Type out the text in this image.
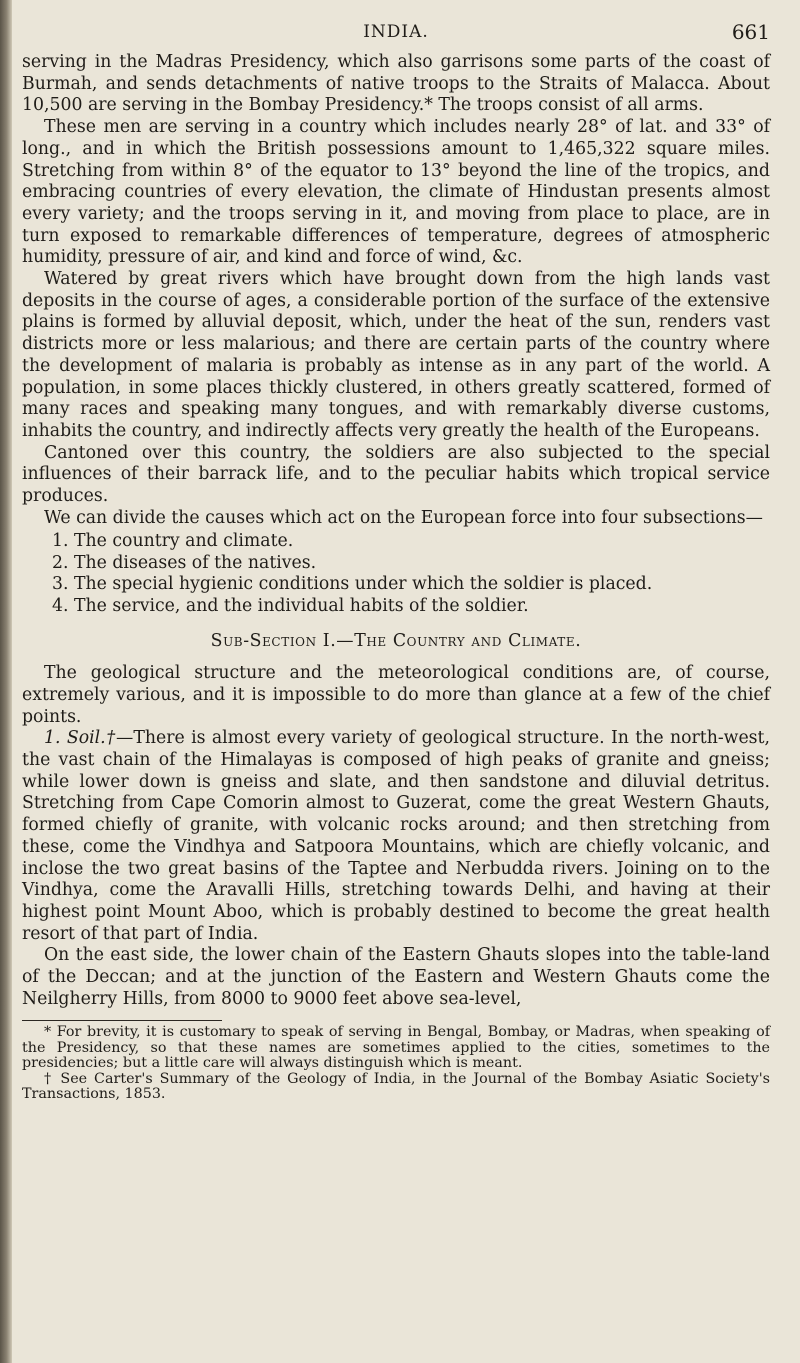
INDIA.	661

serving in the Madras Presidency, which also garrisons some parts of the coast of Burmah, and sends detachments of native troops to the Straits of Malacca. About 10,500 are serving in the Bombay Presidency.* The troops consist of all arms.

These men are serving in a country which includes nearly 28° of lat. and 33° of long., and in which the British possessions amount to 1,465,322 square miles. Stretching from within 8° of the equator to 13° beyond the line of the tropics, and embracing countries of every elevation, the climate of Hindustan presents almost every variety; and the troops serving in it, and moving from place to place, are in turn exposed to remarkable differences of temperature, degrees of atmospheric humidity, pressure of air, and kind and force of wind, &c.

Watered by great rivers which have brought down from the high lands vast deposits in the course of ages, a considerable portion of the surface of the extensive plains is formed by alluvial deposit, which, under the heat of the sun, renders vast districts more or less malarious; and there are certain parts of the country where the development of malaria is probably as intense as in any part of the world. A population, in some places thickly clustered, in others greatly scattered, formed of many races and speaking many tongues, and with remarkably diverse customs, inhabits the country, and indirectly affects very greatly the health of the Europeans.

Cantoned over this country, the soldiers are also subjected to the special influences of their barrack life, and to the peculiar habits which tropical service produces.

We can divide the causes which act on the European force into four subsections—

1. The country and climate.
2. The diseases of the natives.
3. The special hygienic conditions under which the soldier is placed.
4. The service, and the individual habits of the soldier.
Sub-Section I.—The Country and Climate.

The geological structure and the meteorological conditions are, of course, extremely various, and it is impossible to do more than glance at a few of the chief points.

1. Soil.†—There is almost every variety of geological structure. In the north-west, the vast chain of the Himalayas is composed of high peaks of granite and gneiss; while lower down is gneiss and slate, and then sandstone and diluvial detritus. Stretching from Cape Comorin almost to Guzerat, come the great Western Ghauts, formed chiefly of granite, with volcanic rocks around; and then stretching from these, come the Vindhya and Satpoora Mountains, which are chiefly volcanic, and inclose the two great basins of the Taptee and Nerbudda rivers. Joining on to the Vindhya, come the Aravalli Hills, stretching towards Delhi, and having at their highest point Mount Aboo, which is probably destined to become the great health resort of that part of India.

On the east side, the lower chain of the Eastern Ghauts slopes into the table-land of the Deccan; and at the junction of the Eastern and Western Ghauts come the Neilgherry Hills, from 8000 to 9000 feet above sea-level,

* For brevity, it is customary to speak of serving in Bengal, Bombay, or Madras, when speaking of the Presidency, so that these names are sometimes applied to the cities, sometimes to the presidencies; but a little care will always distinguish which is meant.

† See Carter's Summary of the Geology of India, in the Journal of the Bombay Asiatic Society's Transactions, 1853.
